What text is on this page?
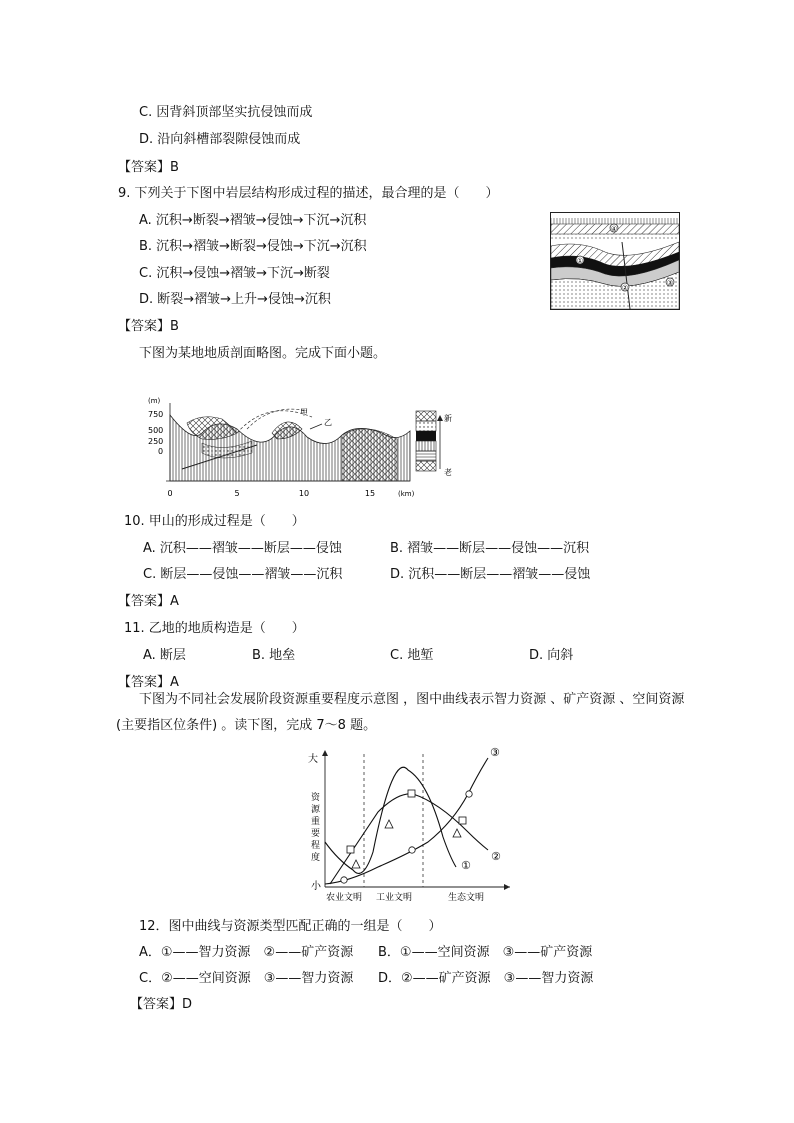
C. 因背斜顶部坚实抗侵蚀而成
D. 沿向斜槽部裂隙侵蚀而成
【答案】B
9. 下列关于下图中岩层结构形成过程的描述，最合理的是（　　）
A. 沉积→断裂→褶皱→侵蚀→下沉→沉积
B. 沉积→褶皱→断裂→侵蚀→下沉→沉积
C. 沉积→侵蚀→褶皱→下沉→断裂
D. 断裂→褶皱→上升→侵蚀→沉积
【答案】B
④
①
②
③
下图为某地地质剖面略图。完成下面小题。
(m)
750
500
250
0
甲
乙
0	5	10	15	(km)
新
老
10. 甲山的形成过程是（　　）
A. 沉积——褶皱——断层——侵蚀	B. 褶皱——断层——侵蚀——沉积
C. 断层——侵蚀——褶皱——沉积	D. 沉积——断层——褶皱——侵蚀
【答案】A
11. 乙地的地质构造是（　　）
A. 断层	B. 地垒	C. 地堑	D. 向斜
【答案】A
下图为不同社会发展阶段资源重要程度示意图 ，图中曲线表示智力资源 、矿产资源 、空间资源
(主要指区位条件) 。读下图，完成 7～8 题。
大
小
资
源
重
要
程
度
农业文明 工业文明	生态文明
①
②
③
12．图中曲线与资源类型匹配正确的一组是（　　）
A．①——智力资源　②——矿产资源 B．①——空间资源　③——矿产资源
C．②——空间资源　③——智力资源 D．②——矿产资源　③——智力资源
【答案】D
